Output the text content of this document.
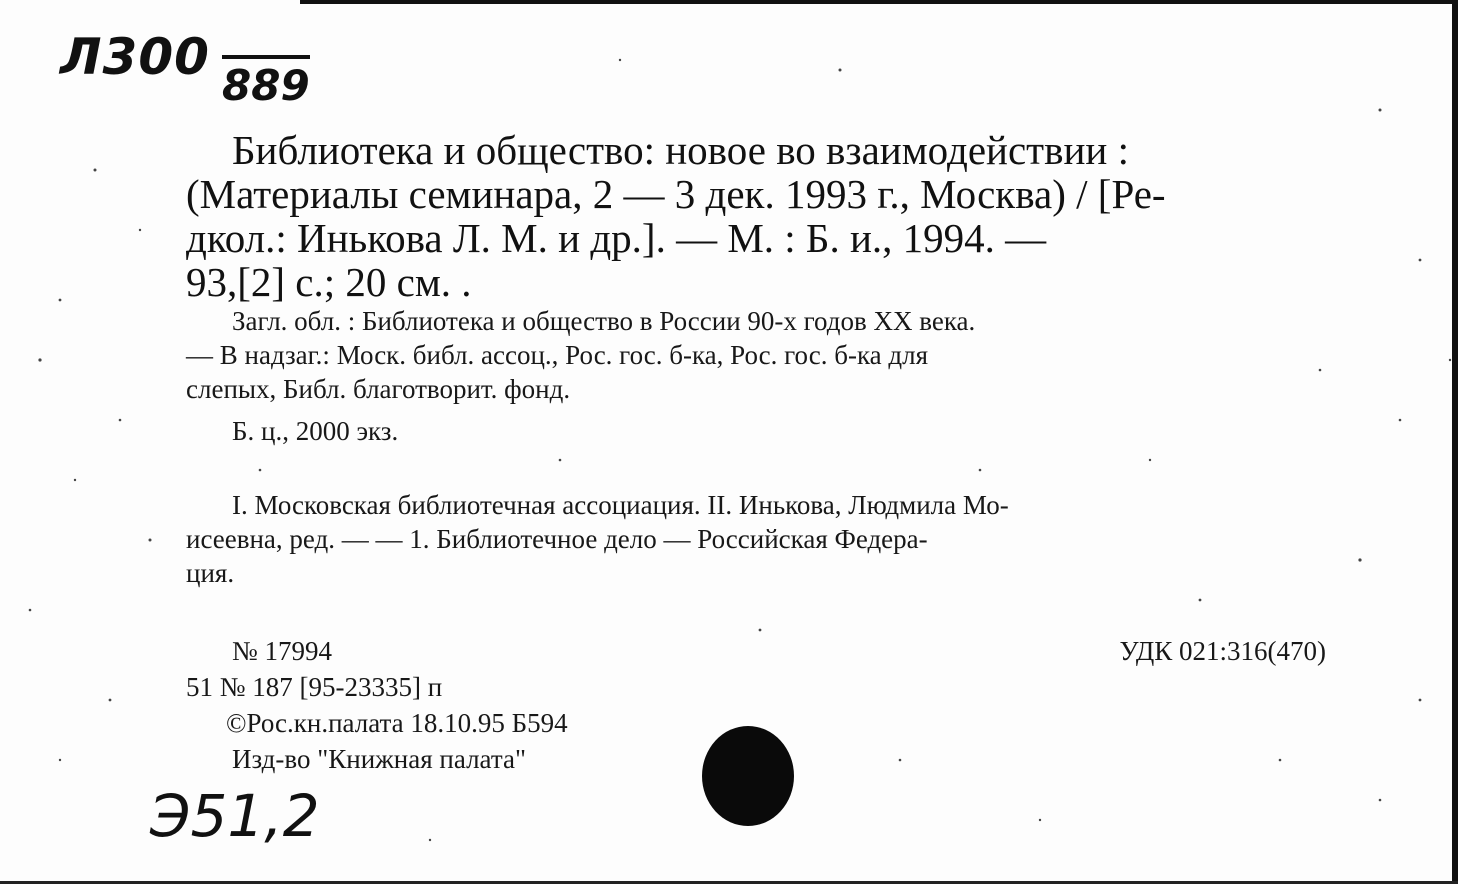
Л300 889
Библиотека и общество: новое во взаимодействии :
(Материалы семинара, 2 — 3 дек. 1993 г., Москва) / [Ре-
дкол.: Инькова Л. М. и др.]. — М. : Б. и., 1994. —
93,[2] с.; 20 см. .
Загл. обл. : Библиотека и общество в России 90-х годов XX века.
— В надзаг.: Моск. библ. ассоц., Рос. гос. б-ка, Рос. гос. б-ка для
слепых, Библ. благотворит. фонд.
Б. ц., 2000 экз.
I. Московская библиотечная ассоциация. II. Инькова, Людмила Мо-
исеевна, ред. — — 1. Библиотечное дело — Российская Федера-
ция.
№ 17994	УДК 021:316(470)
51 № 187 [95-23335] п
©Рос.кн.палата 18.10.95 Б594
Изд-во "Книжная палата"
Э51,2
